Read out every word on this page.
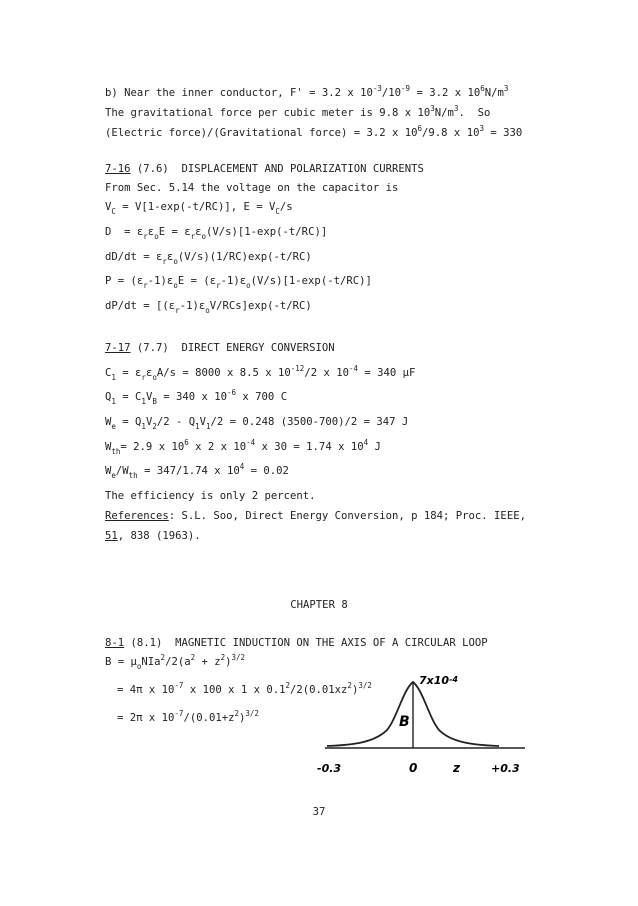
b) Near the inner conductor, F' = 3.2 x $10^{-3}/10^{-9} = 3.2$ x $10^6N/m^3$
The gravitational force per cubic meter is 9.8 x $10^3N/m^3$.  So
(Electric force)/(Gravitational force) = 3.2 x $10^6/9.8$ x $10^3 = 330$
7-16 (7.6)  DISPLACEMENT AND POLARIZATION CURRENTS
From Sec. 5.14 the voltage on the capacitor is
$V_C = V[1-\exp(-t/RC)]$, $E = V_C/s$
$D = \varepsilon_r\varepsilon_oE = \varepsilon_r\varepsilon_o(V/s)[1-\exp(-t/RC)]$
$dD/dt = \varepsilon_r\varepsilon_o(V/s)(1/RC)\exp(-t/RC)$
$P = (\varepsilon_r-1)\varepsilon_oE = (\varepsilon_r-1)\varepsilon_o(V/s)[1-\exp(-t/RC)]$
$dP/dt = [(\varepsilon_r-1)\varepsilon_oV/RCs]\exp(-t/RC)$
7-17 (7.7)  DIRECT ENERGY CONVERSION
$C_1 = \varepsilon_r\varepsilon_oA/s = 8000$ x 8.5 x $10^{-12}/2$ x $10^{-4} = 340$ μF
$Q_1 = C_1V_B = 340$ x $10^{-6}$ x 700 C
$W_e = Q_1V_2/2 - Q_1V_1/2 = 0.248$ (3500-700)/2 = 347 J
$W_{th}= 2.9$ x $10^6$ x 2 x $10^{-4}$ x 30 = 1.74 x $10^4$ J
$W_e/W_{th} = 347/1.74$ x $10^4 = 0.02$
The efficiency is only 2 percent.
References: S.L. Soo, Direct Energy Conversion, p 184; Proc. IEEE,
51, 838 (1963).
CHAPTER 8
8-1 (8.1)  MAGNETIC INDUCTION ON THE AXIS OF A CIRCULAR LOOP
$B = \mu_oNIa^2/2(a^2 + z^2)^{3/2}$
= 4π x $10^{-7}$ x 100 x 1 x $0.1^2/2(0.01xz^2)^{3/2}$
= 2π x $10^{-7}/(0.01+z^2)^{3/2}$
B
7x10-4
-0.3	0	z	+0.3
37
